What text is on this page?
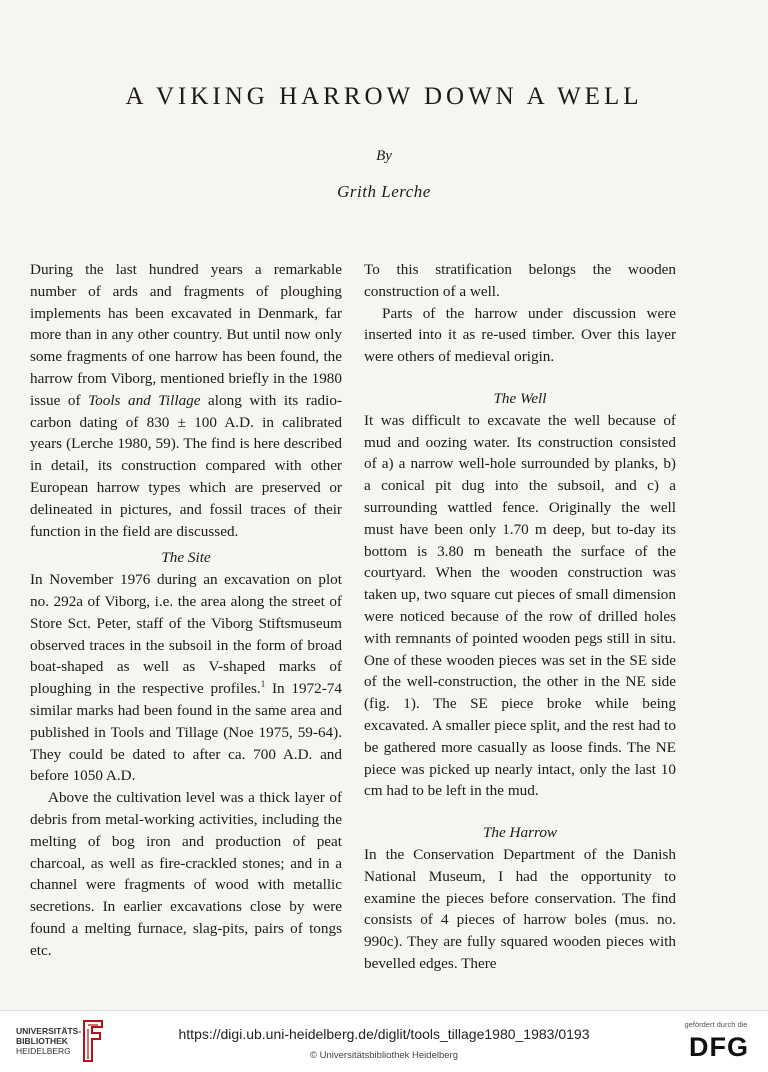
A VIKING HARROW DOWN A WELL
By
Grith Lerche

During the last hundred years a remarkable number of ards and fragments of ploughing implements has been excavated in Denmark, far more than in any other country. But until now only some fragments of one harrow has been found, the harrow from Viborg, mentioned briefly in the 1980 issue of Tools and Tillage along with its radio-carbon dating of 830 ± 100 A.D. in calibrated years (Lerche 1980, 59). The find is here described in detail, its construction compared with other European harrow types which are preserved or delineated in pictures, and fossil traces of their function in the field are discussed.

The Site

In November 1976 during an excavation on plot no. 292a of Viborg, i.e. the area along the street of Store Sct. Peter, staff of the Viborg Stiftsmuseum observed traces in the subsoil in the form of broad boat-shaped as well as V-shaped marks of ploughing in the respective profiles.$^1$ In 1972-74 similar marks had been found in the same area and published in Tools and Tillage (Noe 1975, 59-64). They could be dated to after ca. 700 A.D. and before 1050 A.D.

Above the cultivation level was a thick layer of debris from metal-working activities, including the melting of bog iron and production of peat charcoal, as well as fire-crackled stones; and in a channel were fragments of wood with metallic secretions. In earlier excavations close by were found a melting furnace, slag-pits, pairs of tongs etc.

To this stratification belongs the wooden construction of a well.

Parts of the harrow under discussion were inserted into it as re-used timber. Over this layer were others of medieval origin.

The Well

It was difficult to excavate the well because of mud and oozing water. Its construction consisted of a) a narrow well-hole surrounded by planks, b) a conical pit dug into the subsoil, and c) a surrounding wattled fence. Originally the well must have been only 1.70 m deep, but to-day its bottom is 3.80 m beneath the surface of the courtyard. When the wooden construction was taken up, two square cut pieces of small dimension were noticed because of the row of drilled holes with remnants of pointed wooden pegs still in situ. One of these wooden pieces was set in the SE side of the well-construction, the other in the NE side (fig. 1). The SE piece broke while being excavated. A smaller piece split, and the rest had to be gathered more casually as loose finds. The NE piece was picked up nearly intact, only the last 10 cm had to be left in the mud.

The Harrow

In the Conservation Department of the Danish National Museum, I had the opportunity to examine the pieces before conservation. The find consists of 4 pieces of harrow boles (mus. no. 990c). They are fully squared wooden pieces with bevelled edges. There

UNIVERSITÄTS-
BIBLIOTHEK
HEIDELBERG
https://digi.ub.uni-heidelberg.de/diglit/tools_tillage1980_1983/0193
© Universitätsbibliothek Heidelberg
gefördert durch die
DFG
